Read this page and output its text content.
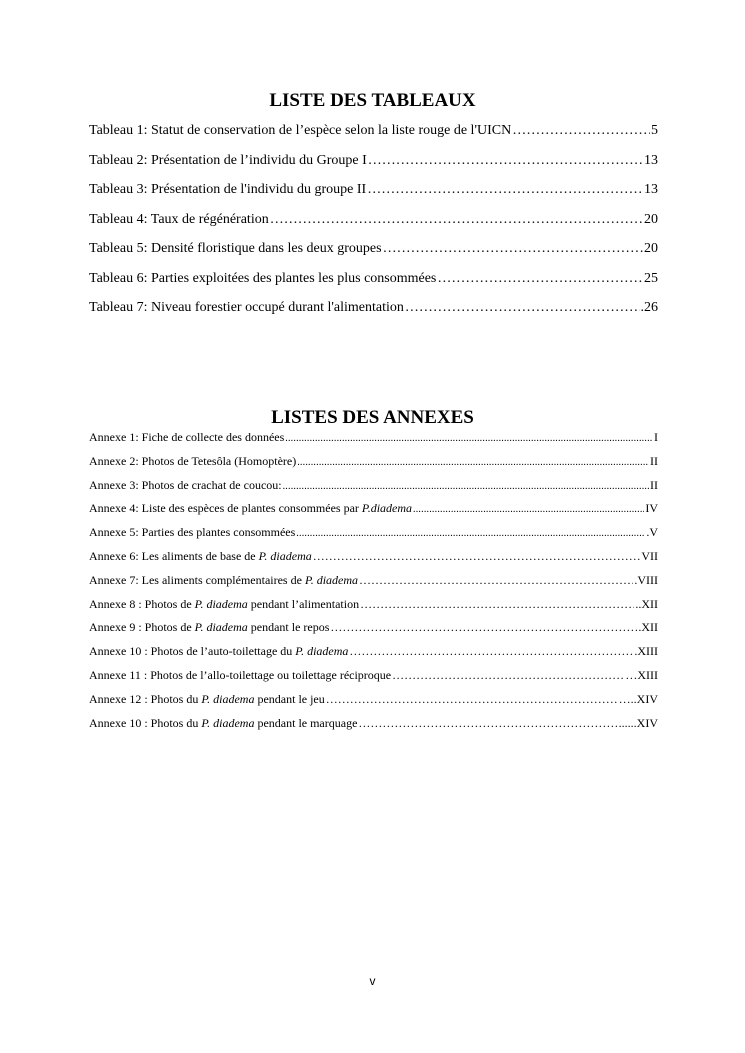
LISTE DES TABLEAUX
Tableau 1: Statut de conservation de l’espèce selon la liste rouge de l'UICN …………………………………………………………………………………………………………………………………………………………………………………………………………………	5
Tableau 2: Présentation de l’individu du Groupe I …………………………………………………………………………………………………………………………………………………………………………………………………………………	13
Tableau 3: Présentation de l'individu du groupe II …………………………………………………………………………………………………………………………………………………………………………………………………………………	13
Tableau 4: Taux de régénération …………………………………………………………………………………………………………………………………………………………………………………………………………………	20
Tableau 5: Densité floristique dans les deux groupes …………………………………………………………………………………………………………………………………………………………………………………………………………………	20
Tableau 6: Parties exploitées des plantes les plus consommées …………………………………………………………………………………………………………………………………………………………………………………………………………………	25
Tableau 7: Niveau forestier occupé durant l'alimentation …………………………………………………………………………………………………………………………………………………………………………………………………………………	.26
LISTES DES ANNEXES
Annexe 1: Fiche de collecte des données .....	I
Annexe 2: Photos de Tetesôla (Homoptère) .....	II
Annexe 3: Photos de crachat de coucou: .....	II
Annexe 4: Liste des espèces de plantes consommées par P.diadema .....	IV
Annexe 5: Parties des plantes consommées .....	.V
Annexe 6: Les aliments de base de P. diadema …………………………………………………………………………………………………………………………………………………………………………………………………………………	VII
Annexe 7: Les aliments complémentaires de P. diadema …………………………………………………………………………………………………………………………………………………………………………………………………………………	.VIII
Annexe 8 : Photos de P. diadema pendant l’alimentation …………………………………………………………………………………………………………………………………………………………………………………………………………………	..XII
Annexe 9 : Photos de P. diadema pendant le repos …………………………………………………………………………………………………………………………………………………………………………………………………………………	.XII
Annexe 10 : Photos de l’auto-toilettage du P. diadema …………………………………………………………………………………………………………………………………………………………………………………………………………………	.XIII
Annexe 11 : Photos de l’allo-toilettage ou toilettage réciproque …………………………………………………………………………………………………………………………………………………………………………………………………………………	…XIII
Annexe 12 : Photos du P. diadema pendant le jeu …………………………………………………………………………………………………………………………………………………………………………………………………………………	…..XIV
Annexe 10 : Photos du P. diadema pendant le marquage …………………………………………………………………………………………………………………………………………………………………………………………………………………	......XIV
v
